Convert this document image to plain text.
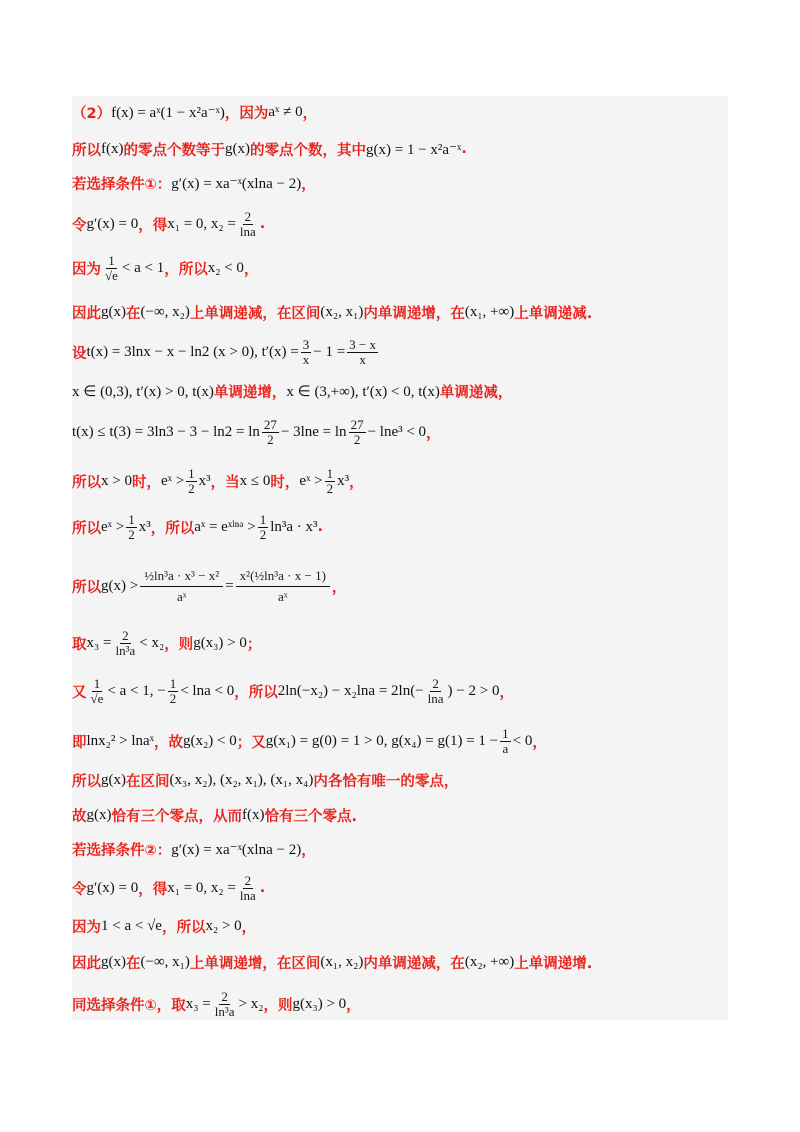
（2） f(x) = aˣ(1 − x²a⁻ˣ) ，因为 aˣ ≠ 0 ，
所以 f(x) 的零点个数等于 g(x) 的零点个数，其中 g(x) = 1 − x²a⁻ˣ .
若选择条件①： g′(x) = xa⁻ˣ(xlna − 2) ，
令 g′(x) = 0 ，得 x₁ = 0, $x_2 = \frac{2}{\ln a}$ .
因为 $\frac{1}{√e} < a < 1$ ，所以 x₂ < 0 ，
因此 g(x) 在 (−∞, x₂) 上单调递减，在区间 (x₂, x₁) 内单调递增，在 (x₁, +∞) 上单调递减.
设 t(x) = 3lnx − x − ln2 (x > 0), $t'(x) = \frac{3}{x} - 1 = \frac{3 - x}{x}$
x ∈ (0,3), t′(x) > 0, t(x) 单调递增， x ∈ (3,+∞), t′(x) < 0, t(x) 单调递减，
$t(x) \le t(3) = 3\ln 3 - 3 - \ln 2 = \ln \frac{27}{2} - 3\ln e = \ln \frac{27}{2} - \ln e^3 < 0$ ，
所以 x > 0 时， eˣ > $\frac{1}{2} x^3$ ，当 x ≤ 0 时， eˣ > $\frac{1}{2} x^3$ ，
所以 eˣ > $\frac{1}{2} x^3$ ，所以 aˣ = eˣˡⁿᵃ > $\frac{1}{2} \ln^3a \cdot x^3$ .
所以 $g(x) > \frac{\text{½ln³a · x³ − x²}}{\text{aˣ}} = \frac{\text{x²(½ln³a · x − 1)}}{\text{aˣ}}$ ，
取 $x_3 = \frac{2}{\text{ln³a}} < x_2$ ，则 g(x₃) > 0 ；
又 $\frac{1}{√e} < a < 1$, − $\frac{1}{2} < \ln a < 0$ ，所以 $2\ln(-x_2) - x_2\ln a = 2\ln(- \frac{2}{\ln a}$ ) − 2 > 0 ，
即 lnx₂² > lnaˣ ，故 g(x₂) < 0 ；又 g(x₁) = g(0) = 1 > 0, $g(x_4) = g(1) = 1 - \frac{1}{a} < 0$ ，
所以 g(x) 在区间 (x₃, x₂), (x₂, x₁), (x₁, x₄) 内各恰有唯一的零点，
故 g(x) 恰有三个零点，从而 f(x) 恰有三个零点.
若选择条件②： g′(x) = xa⁻ˣ(xlna − 2) ，
令 g′(x) = 0 ，得 x₁ = 0, $x_2 = \frac{2}{\ln a}$ .
因为 1 < a < √e ，所以 x₂ > 0 ，
因此 g(x) 在 (−∞, x₁) 上单调递增，在区间 (x₁, x₂) 内单调递减，在 (x₂, +∞) 上单调递增.
同选择条件①，取 $x_3 = \frac{2}{\text{ln³a}} > x_2$ ，则 g(x₃) > 0 ，
